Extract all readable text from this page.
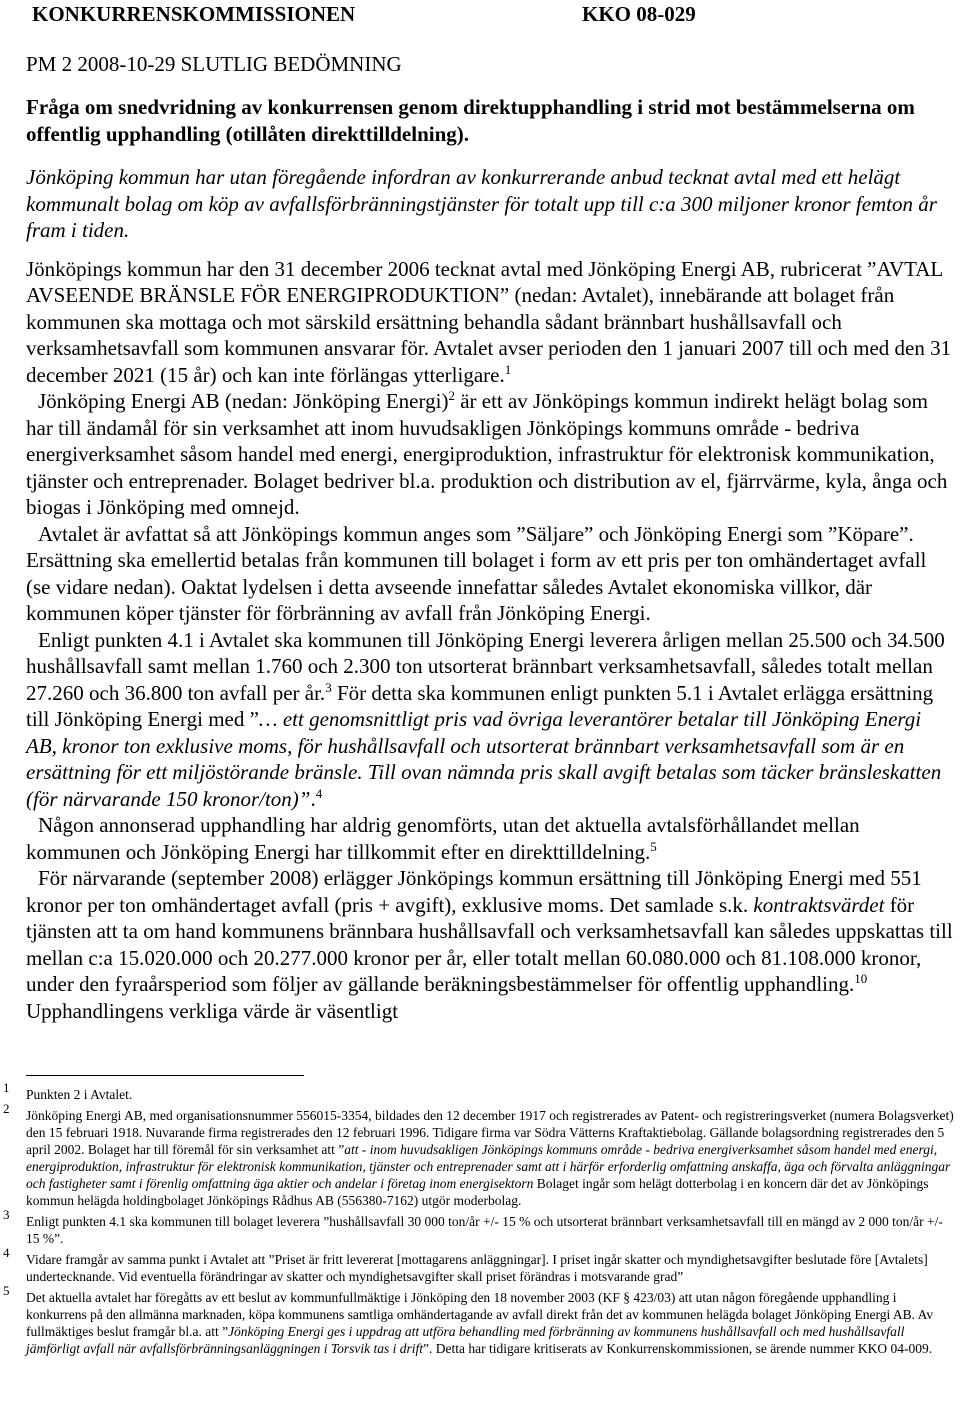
KONKURRENSKOMMISSIONEN	KKO 08-029
PM 2 2008-10-29 SLUTLIG BEDÖMNING
Fråga om snedvridning av konkurrensen genom direktupphandling i strid mot bestämmelserna om offentlig upphandling (otillåten direkttilldelning).

Jönköping kommun har utan föregående infordran av konkurrerande anbud tecknat avtal med ett helägt kommunalt bolag om köp av avfallsförbränningstjänster för totalt upp till c:a 300 miljoner kronor femton år fram i tiden.

Jönköpings kommun har den 31 december 2006 tecknat avtal med Jönköping Energi AB, rubricerat ”AVTAL AVSEENDE BRÄNSLE FÖR ENERGIPRODUKTION” (nedan: Avtalet), innebärande att bolaget från kommunen ska mottaga och mot särskild ersättning behandla sådant brännbart hushållsavfall och verksamhetsavfall som kommunen ansvarar för. Avtalet avser perioden den 1 januari 2007 till och med den 31 december 2021 (15 år) och kan inte förlängas ytterligare.$^1$

Jönköping Energi AB (nedan: Jönköping Energi)$^2$ är ett av Jönköpings kommun indirekt helägt bolag som har till ändamål för sin verksamhet att inom huvudsakligen Jönköpings kommuns område - bedriva energiverksamhet såsom handel med energi, energiproduktion, infrastruktur för elektronisk kommunikation, tjänster och entreprenader. Bolaget bedriver bl.a. produktion och distribution av el, fjärrvärme, kyla, ånga och biogas i Jönköping med omnejd.

Avtalet är avfattat så att Jönköpings kommun anges som ”Säljare” och Jönköping Energi som ”Köpare”. Ersättning ska emellertid betalas från kommunen till bolaget i form av ett pris per ton omhändertaget avfall (se vidare nedan). Oaktat lydelsen i detta avseende innefattar således Avtalet ekonomiska villkor, där kommunen köper tjänster för förbränning av avfall från Jönköping Energi.

Enligt punkten 4.1 i Avtalet ska kommunen till Jönköping Energi leverera årligen mellan 25.500 och 34.500 hushållsavfall samt mellan 1.760 och 2.300 ton utsorterat brännbart verksamhetsavfall, således totalt mellan 27.260 och 36.800 ton avfall per år.$^3$ För detta ska kommunen enligt punkten 5.1 i Avtalet erlägga ersättning till Jönköping Energi med ”… ett genomsnittligt pris vad övriga leverantörer betalar till Jönköping Energi AB, kronor ton exklusive moms, för hushållsavfall och utsorterat brännbart verksamhetsavfall som är en ersättning för ett miljöstörande bränsle. Till ovan nämnda pris skall avgift betalas som täcker bränsleskatten (för närvarande 150 kronor/ton)”.$^4$

Någon annonserad upphandling har aldrig genomförts, utan det aktuella avtalsförhållandet mellan kommunen och Jönköping Energi har tillkommit efter en direkttilldelning.$^5$

För närvarande (september 2008) erlägger Jönköpings kommun ersättning till Jönköping Energi med 551 kronor per ton omhändertaget avfall (pris + avgift), exklusive moms. Det samlade s.k. kontraktsvärdet för tjänsten att ta om hand kommunens brännbara hushållsavfall och verksamhetsavfall kan således uppskattas till mellan c:a 15.020.000 och 20.277.000 kronor per år, eller totalt mellan 60.080.000 och 81.108.000 kronor, under den fyraårsperiod som följer av gällande beräkningsbestämmelser för offentlig upphandling.$^{10}$ Upphandlingens verkliga värde är väsentligt

1 Punkten 2 i Avtalet.
2 Jönköping Energi AB, med organisationsnummer 556015-3354, bildades den 12 december 1917 och registrerades av Patent- och registreringsverket (numera Bolagsverket) den 15 februari 1918. Nuvarande firma registrerades den 12 februari 1996. Tidigare firma var Södra Vätterns Kraftaktiebolag. Gällande bolagsordning registrerades den 5 april 2002. Bolaget har till föremål för sin verksamhet att ”att - inom huvudsakligen Jönköpings kommuns område - bedriva energiverksamhet såsom handel med energi, energiproduktion, infrastruktur för elektronisk kommunikation, tjänster och entreprenader samt att i härför erforderlig omfattning anskaffa, äga och förvalta anläggningar och fastigheter samt i förenlig omfattning äga aktier och andelar i företag inom energisektorn Bolaget ingår som helägt dotterbolag i en koncern där det av Jönköpings kommun helägda holdingbolaget Jönköpings Rådhus AB (556380-7162) utgör moderbolag.
3 Enligt punkten 4.1 ska kommunen till bolaget leverera ”hushållsavfall 30 000 ton/år +/- 15 % och utsorterat brännbart verksamhetsavfall till en mängd av 2 000 ton/år +/- 15 %”.
4 Vidare framgår av samma punkt i Avtalet att ”Priset är fritt levererat [mottagarens anläggningar]. I priset ingår skatter och myndighetsavgifter beslutade före [Avtalets] undertecknande. Vid eventuella förändringar av skatter och myndighetsavgifter skall priset förändras i motsvarande grad”
5 Det aktuella avtalet har föregåtts av ett beslut av kommunfullmäktige i Jönköping den 18 november 2003 (KF § 423/03) att utan någon föregående upphandling i konkurrens på den allmänna marknaden, köpa kommunens samtliga omhändertagande av avfall direkt från det av kommunen helägda bolaget Jönköping Energi AB. Av fullmäktiges beslut framgår bl.a. att ”Jönköping Energi ges i uppdrag att utföra behandling med förbränning av kommunens hushållsavfall och med hushållsavfall jämförligt avfall när avfallsförbränningsanläggningen i Torsvik tas i drift”. Detta har tidigare kritiserats av Konkurrenskommissionen, se ärende nummer KKO 04-009.
